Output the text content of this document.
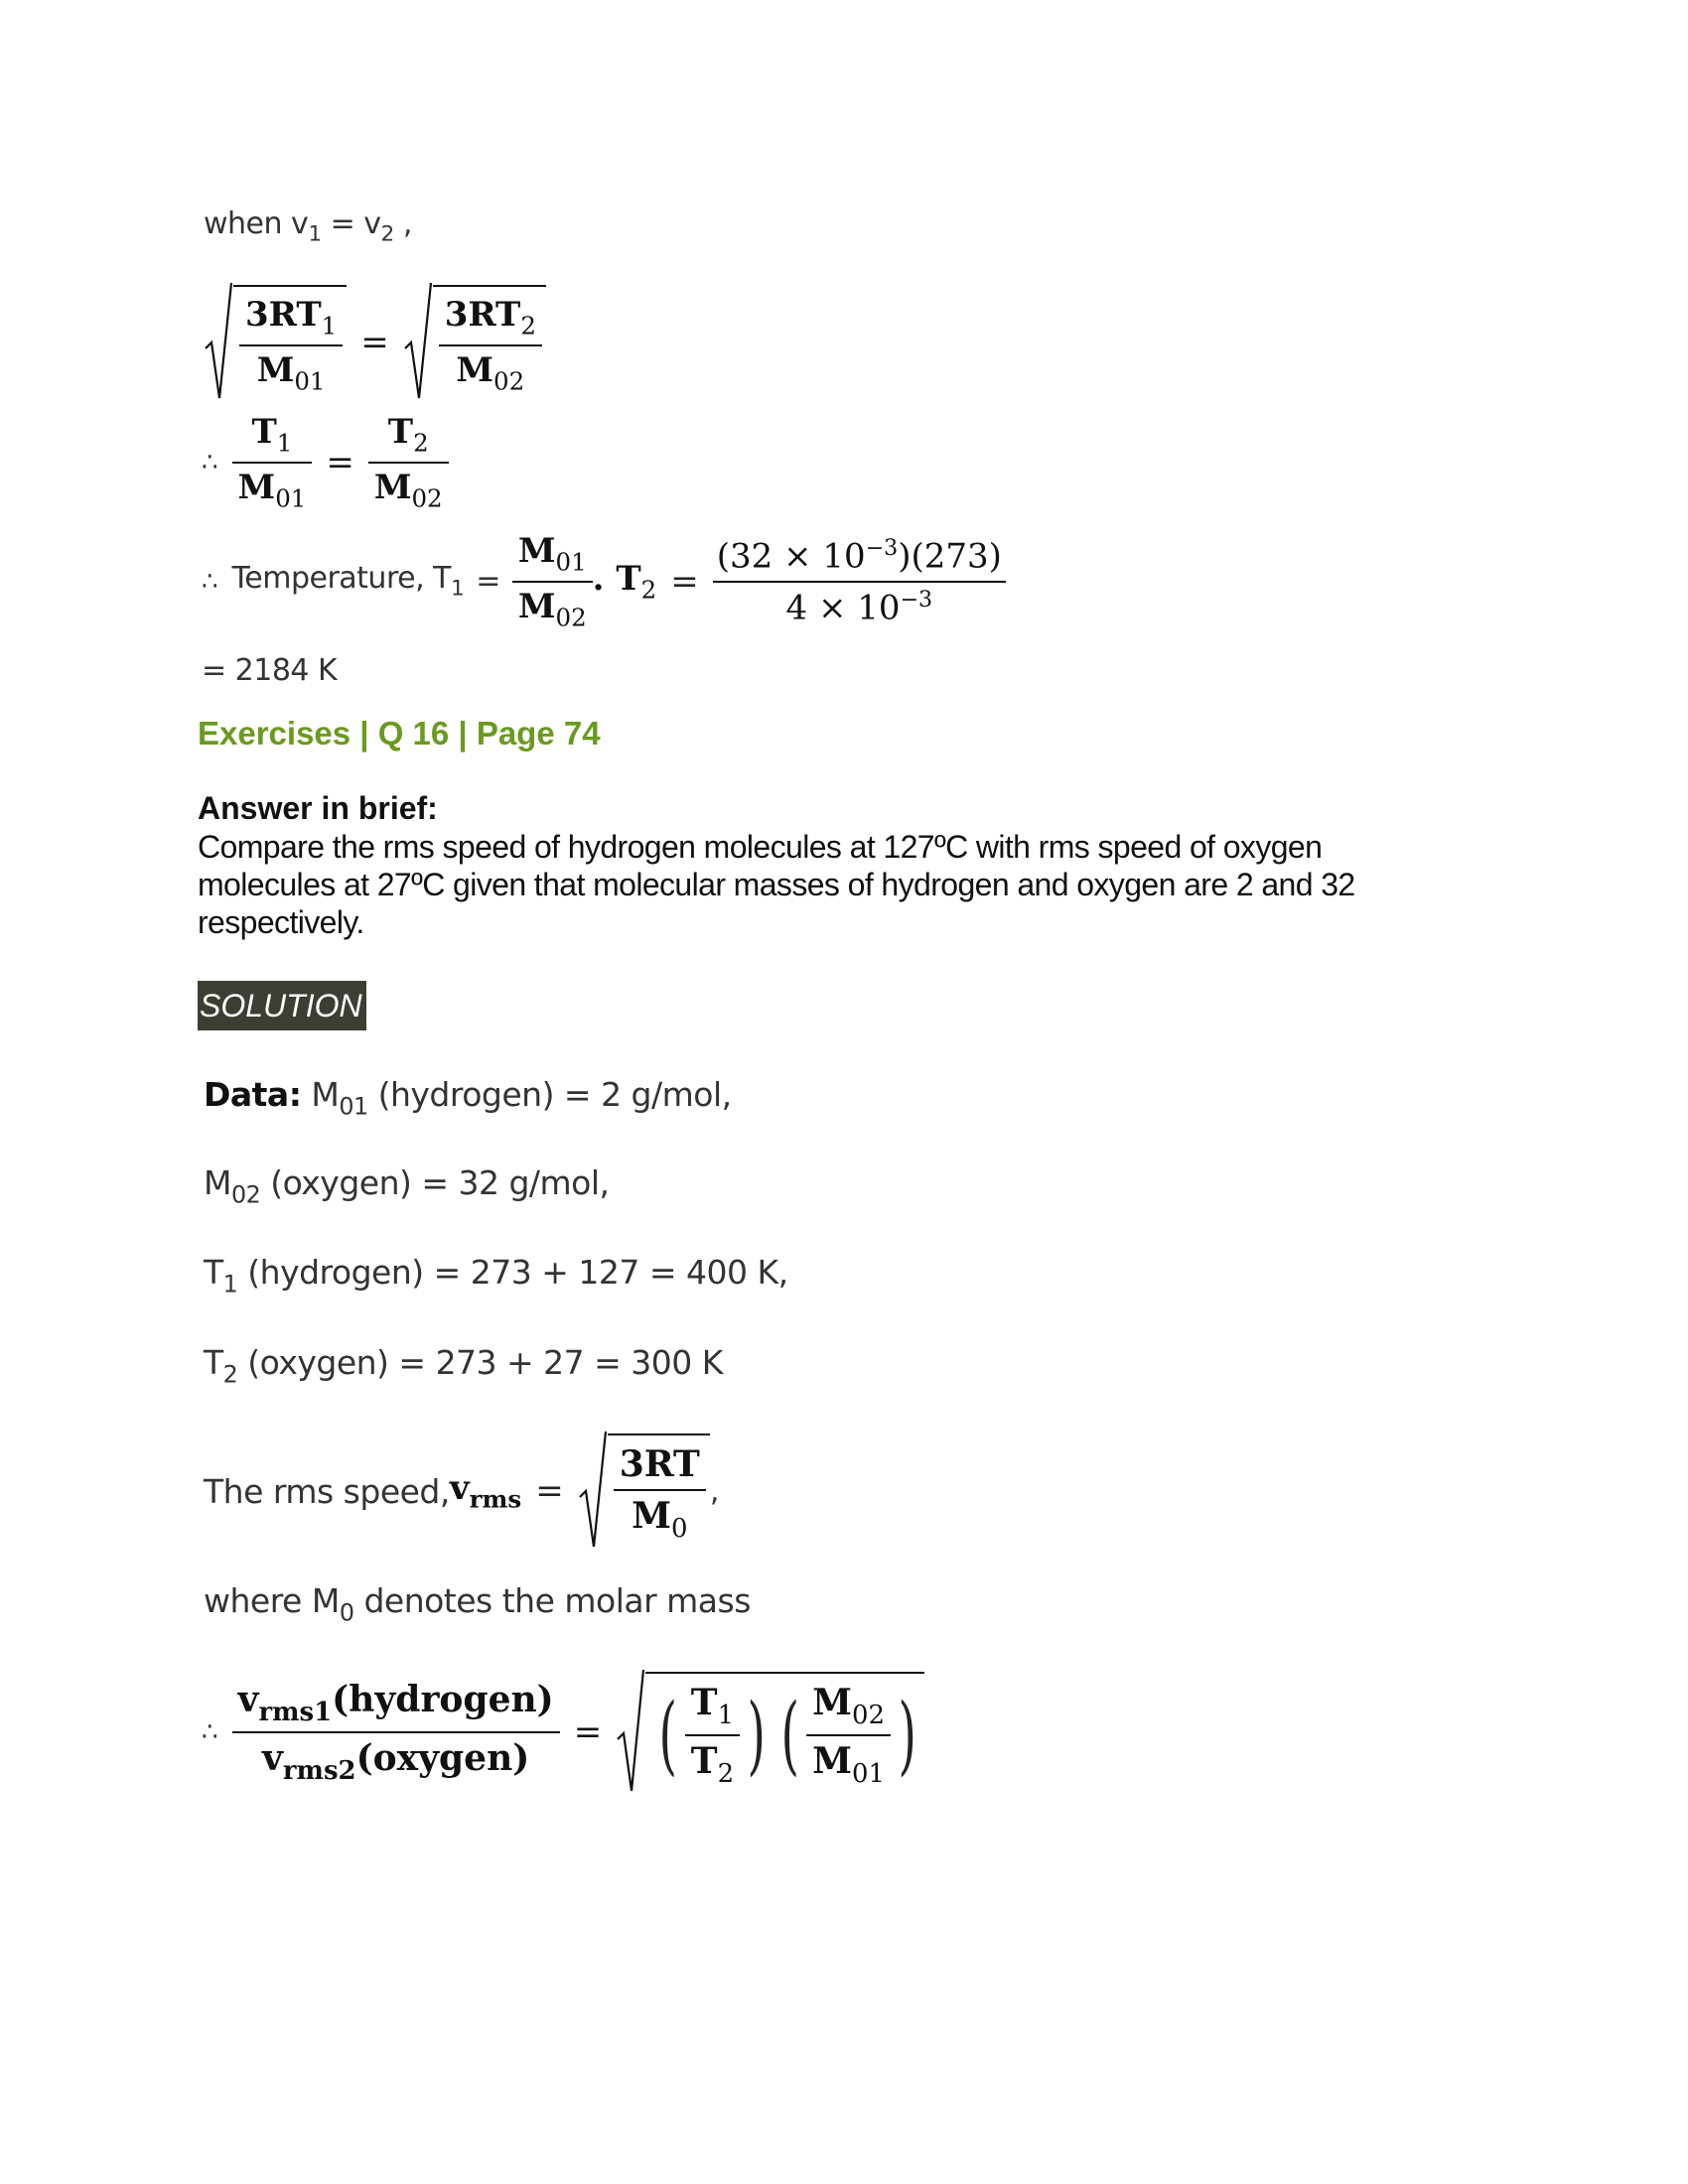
when $v_1 = v_2$ ,
$\frac{3RT_1}{M_{01}} = \frac{3RT_2}{M_{02}}$
∴ $\frac{T_1}{M_{01}} = \frac{T_2}{M_{02}}$
∴ Temperature, $T_1 = \frac{M_{01}}{M_{02}}$ . $T_2 = \frac{(32 \times 10^{-3})(273)}{4 \times 10^{-3}}$
= 2184 K
Exercises | Q 16 | Page 74
Answer in brief:
Compare the rms speed of hydrogen molecules at 127ºC with rms speed of oxygen
molecules at 27ºC given that molecular masses of hydrogen and oxygen are 2 and 32
respectively.
SOLUTION
Data: $M_{01}$ (hydrogen) = 2 g/mol,
$M_{02}$ (oxygen) = 32 g/mol,
$T_1$ (hydrogen) = 273 + 127 = 400 K,
$T_2$ (oxygen) = 273 + 27 = 300 K
The rms speed, $v_{rms} = \frac{3RT}{M_0}$ ,
where $M_0$ denotes the molar mass
∴ $\frac{v_{rms1}(hydrogen)}{v_{rms2}(oxygen)}$ = ( $\frac{T_1}{T_2}$ ) ( $\frac{M_{02}}{M_{01}}$ )
